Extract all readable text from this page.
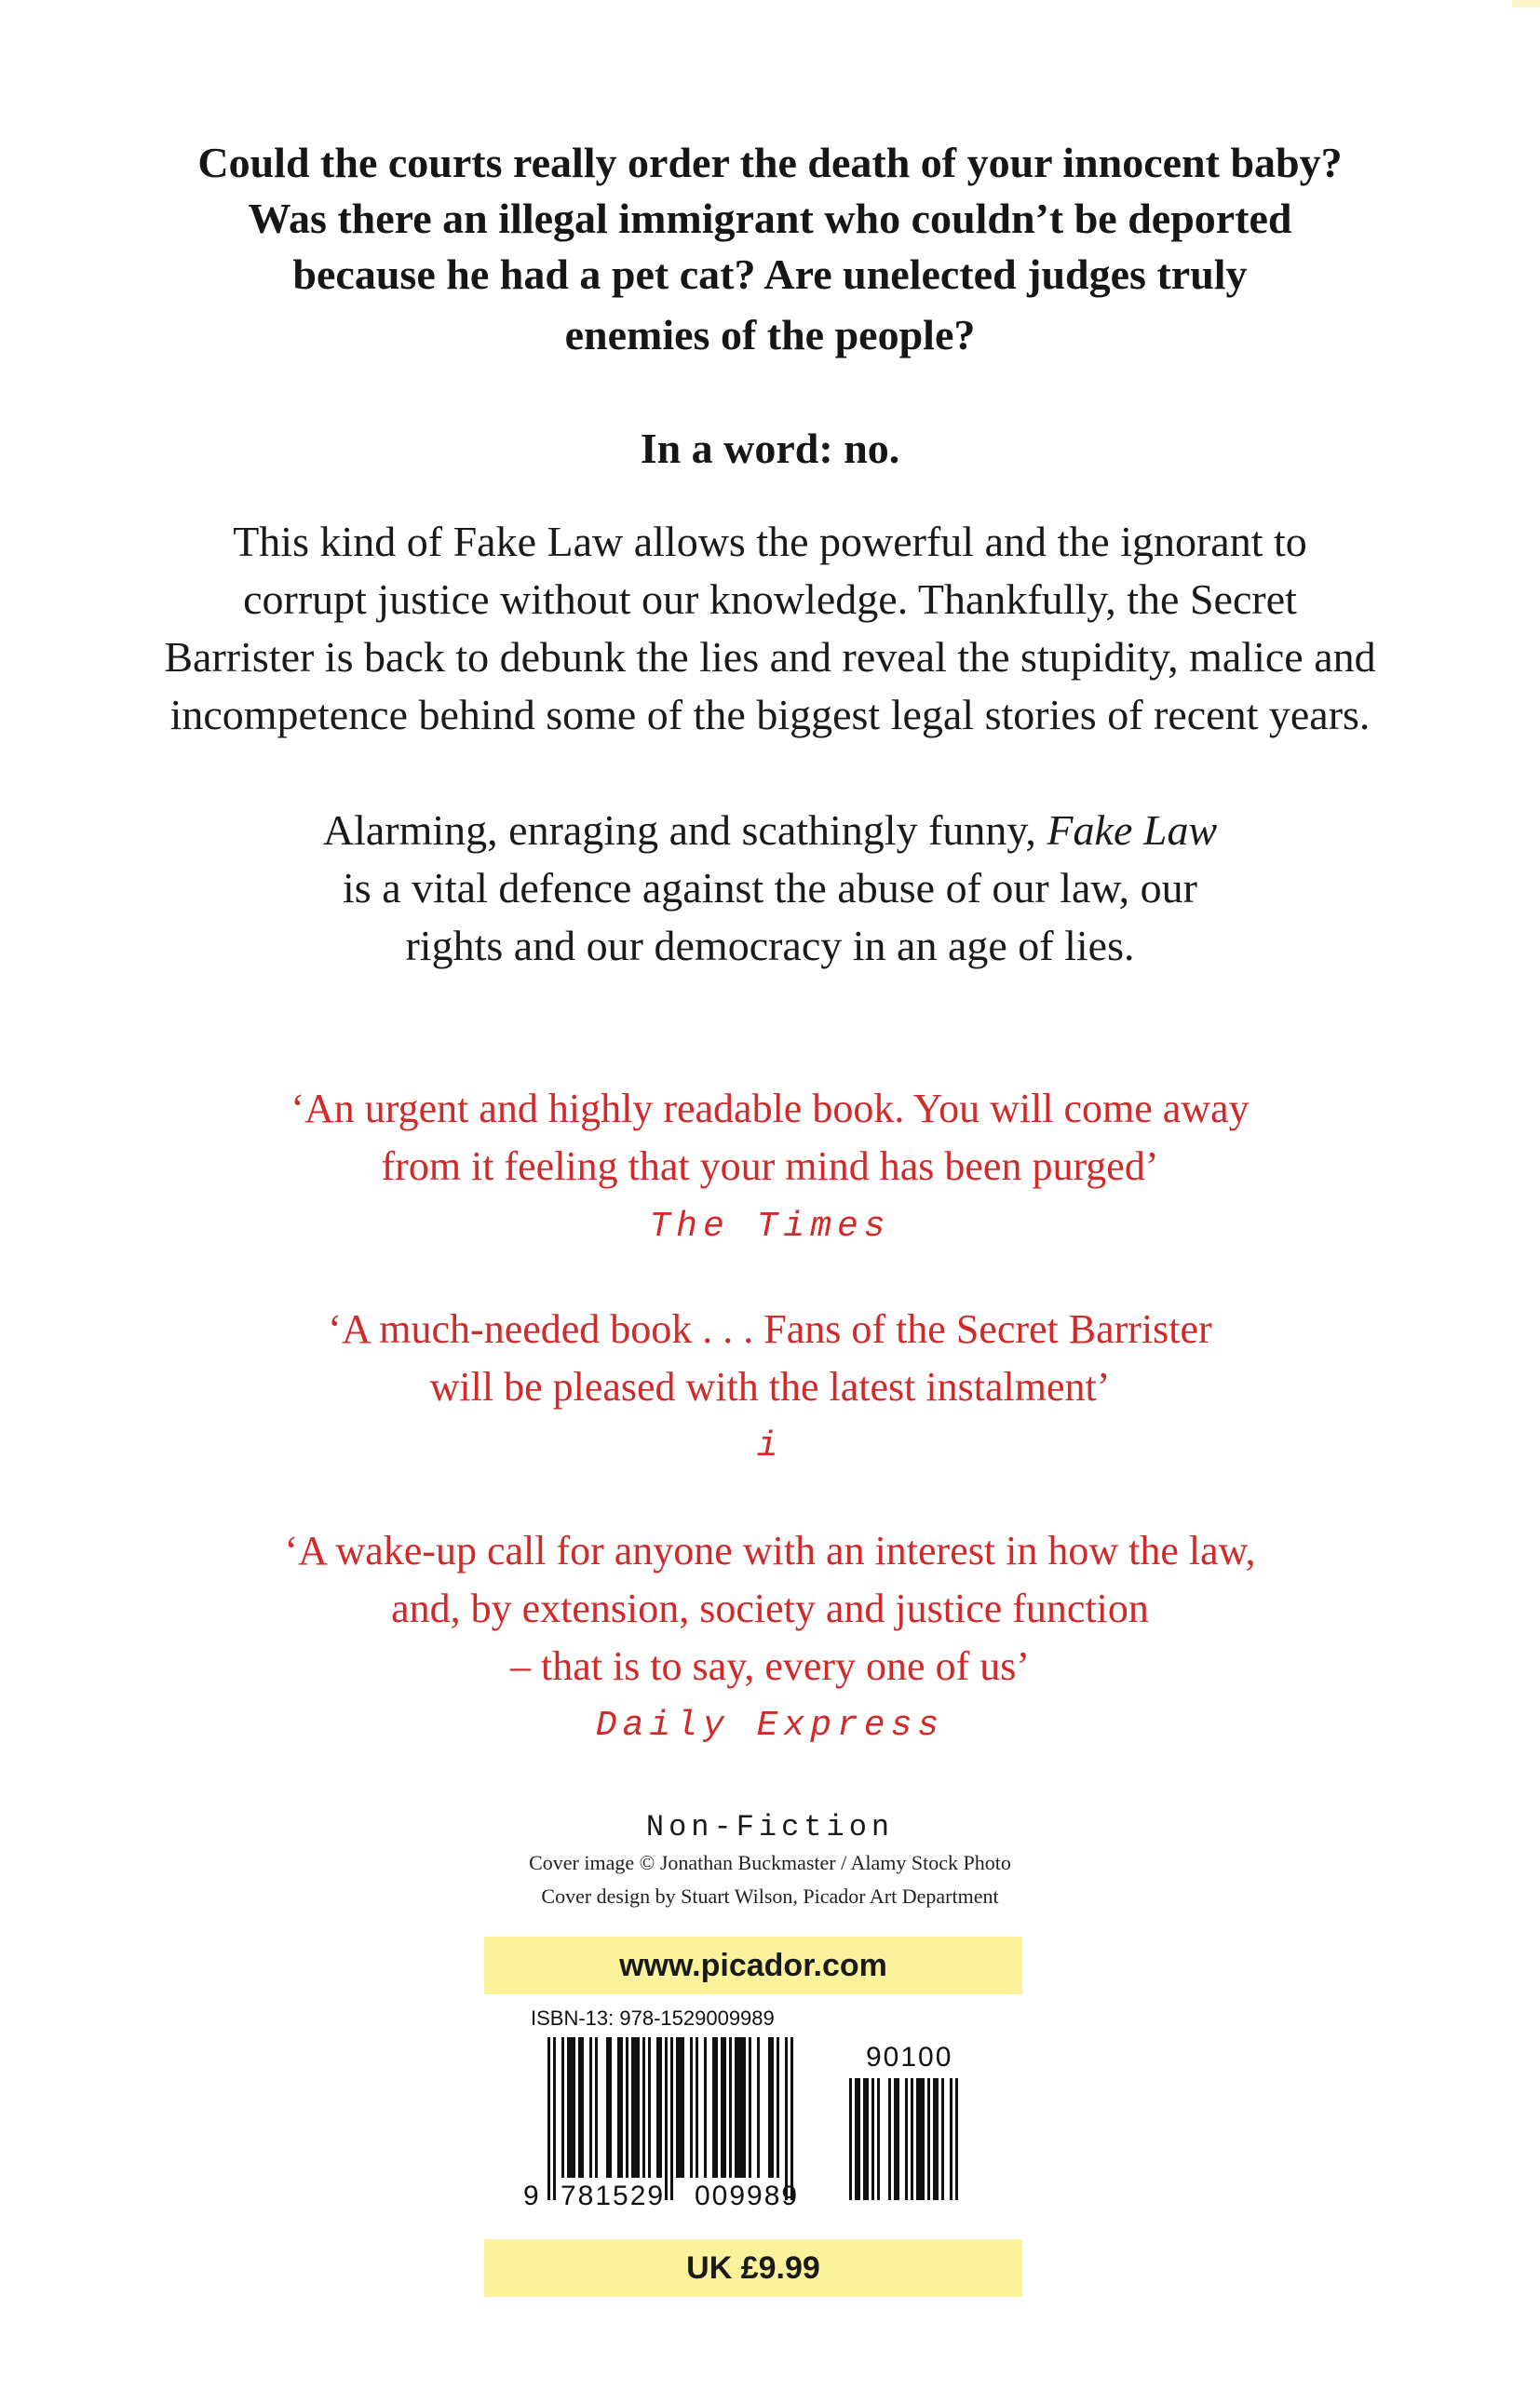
Could the courts really order the death of your innocent baby?
Was there an illegal immigrant who couldn’t be deported
because he had a pet cat? Are unelected judges truly
enemies of the people?
In a word: no.
This kind of Fake Law allows the powerful and the ignorant to
corrupt justice without our knowledge. Thankfully, the Secret
Barrister is back to debunk the lies and reveal the stupidity, malice and
incompetence behind some of the biggest legal stories of recent years.
Alarming, enraging and scathingly funny, Fake Law
is a vital defence against the abuse of our law, our
rights and our democracy in an age of lies.
‘An urgent and highly readable book. You will come away
from it feeling that your mind has been purged’
The Times
‘A much-needed book . . . Fans of the Secret Barrister
will be pleased with the latest instalment’
i
‘A wake-up call for anyone with an interest in how the law,
and, by extension, society and justice function
– that is to say, every one of us’
Daily Express
Non-Fiction
Cover image © Jonathan Buckmaster / Alamy Stock Photo
Cover design by Stuart Wilson, Picador Art Department
www.picador.com
ISBN-13: 978-1529009989
9 781529 009989
90100
UK £9.99
